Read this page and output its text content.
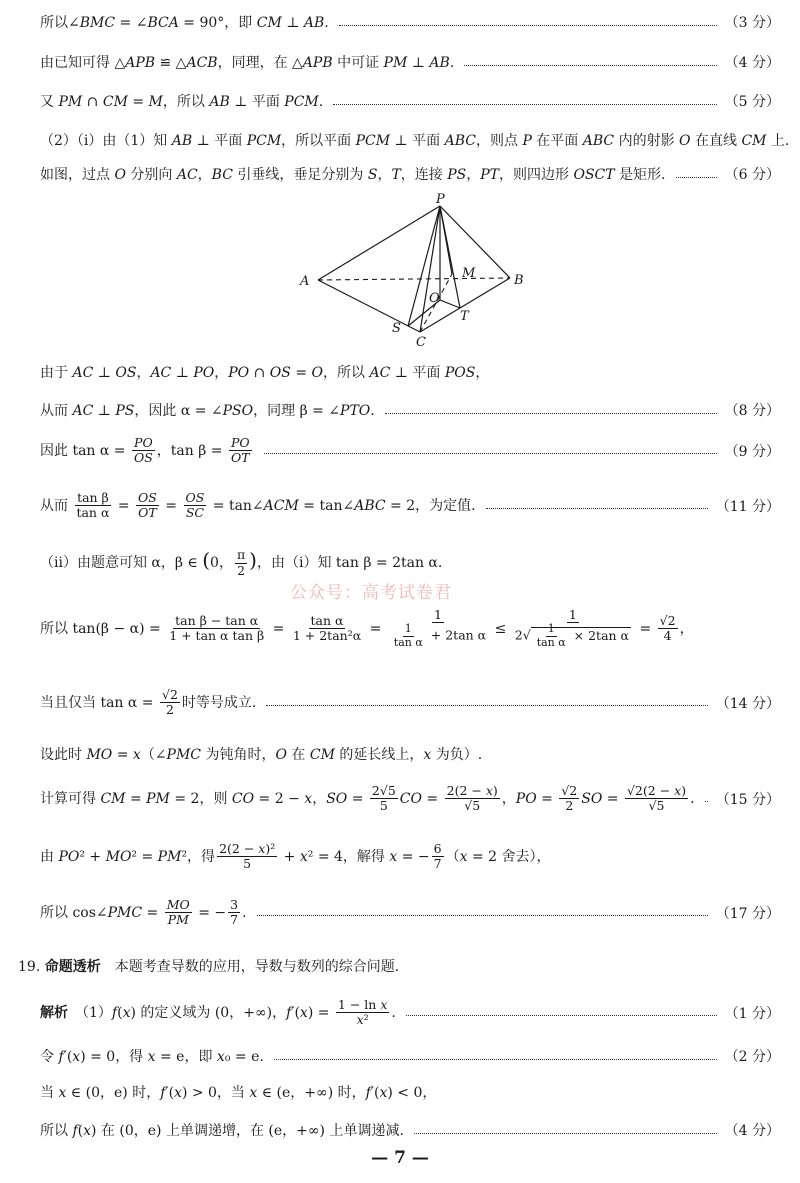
所以∠BMC = ∠BCA = 90°，即 CM ⊥ AB.	（3 分）
由已知可得 △APB ≌ △ACB，同理，在 △APB 中可证 PM ⊥ AB.	（4 分）
又 PM ∩ CM = M，所以 AB ⊥ 平面 PCM.	（5 分）
（2）（ⅰ）由（1）知 AB ⊥ 平面 PCM，所以平面 PCM ⊥ 平面 ABC，则点 P 在平面 ABC 内的射影 O 在直线 CM 上.
如图，过点 O 分别向 AC，BC 引垂线，垂足分别为 S，T，连接 PS，PT，则四边形 OSCT 是矩形.	（6 分）
P
A	B
M
O
S
C
T
由于 AC ⊥ OS，AC ⊥ PO，PO ∩ OS = O，所以 AC ⊥ 平面 POS，
从而 AC ⊥ PS，因此 α = ∠PSO，同理 β = ∠PTO.	（8 分）
因此 $\tan \alpha = \frac{PO}{OS}$ ，$\tan \beta = \frac{PO}{OT}$	（9 分）
从而 $\frac{\text{tan β}}{\text{tan α}} = \frac{OS}{OT} = \frac{OS}{SC}$ = tan∠ACM = tan∠ABC = 2，为定值.	（11 分）
（ⅱ）由题意可知 α，β ∈ (0， $\frac{\pi}{2}$ )，由（ⅰ）知 tan β = 2tan α.
公众号：高考试卷君
所以 $\tan(\beta - \alpha) = \frac{\text{tan β − tan α}}{\text{1 + tan α tan β}} = \frac{\text{tan α}}{\text{1 + 2tan²α}} = \frac{1}{\frac{1}{\text{tan α}} + 2\tan \alpha} \le \frac{1}{2√ \frac{1}{\text{tan α}} \times 2\tan \alpha} = \frac{√2}{4}$ ，
当且仅当 $\tan \alpha = \frac{√2}{2}$ 时等号成立.	（14 分）
设此时 MO = x（∠PMC 为钝角时，O 在 CM 的延长线上，x 为负）.
计算可得 CM = PM = 2，则 CO = 2 − x，SO = $\frac{2√5}{5}$ CO = $\frac{2(2 - x)}{√5}$ ，PO = $\frac{√2}{2}$ SO = $\frac{√2(2 - x)}{√5}$ . （15 分）
由 PO² + MO² = PM²，得 $\frac{\text{2(2 − x)²}}{5} + x^2 = 4$，解得 x = − $\frac{6}{7} (x = 2$ 舍去），
所以 cos∠PMC = $\frac{MO}{PM}$ = − $\frac{3}{7}$ .	（17 分）
19. 命题透析　本题考查导数的应用，导数与数列的综合问题.
解析　（1）f(x) 的定义域为 (0，+∞)，$f'(x) = \frac{\text{1 − ln x}}{\text{x²}}$ .	（1 分）
令 f′(x) = 0，得 x = e，即 x₀ = e.	（2 分）
当 x ∈ (0，e) 时，f′(x) > 0，当 x ∈ (e，+∞) 时，f′(x) < 0，
所以 f(x) 在 (0，e) 上单调递增，在 (e，+∞) 上单调递减.	（4 分）
— 7 —
